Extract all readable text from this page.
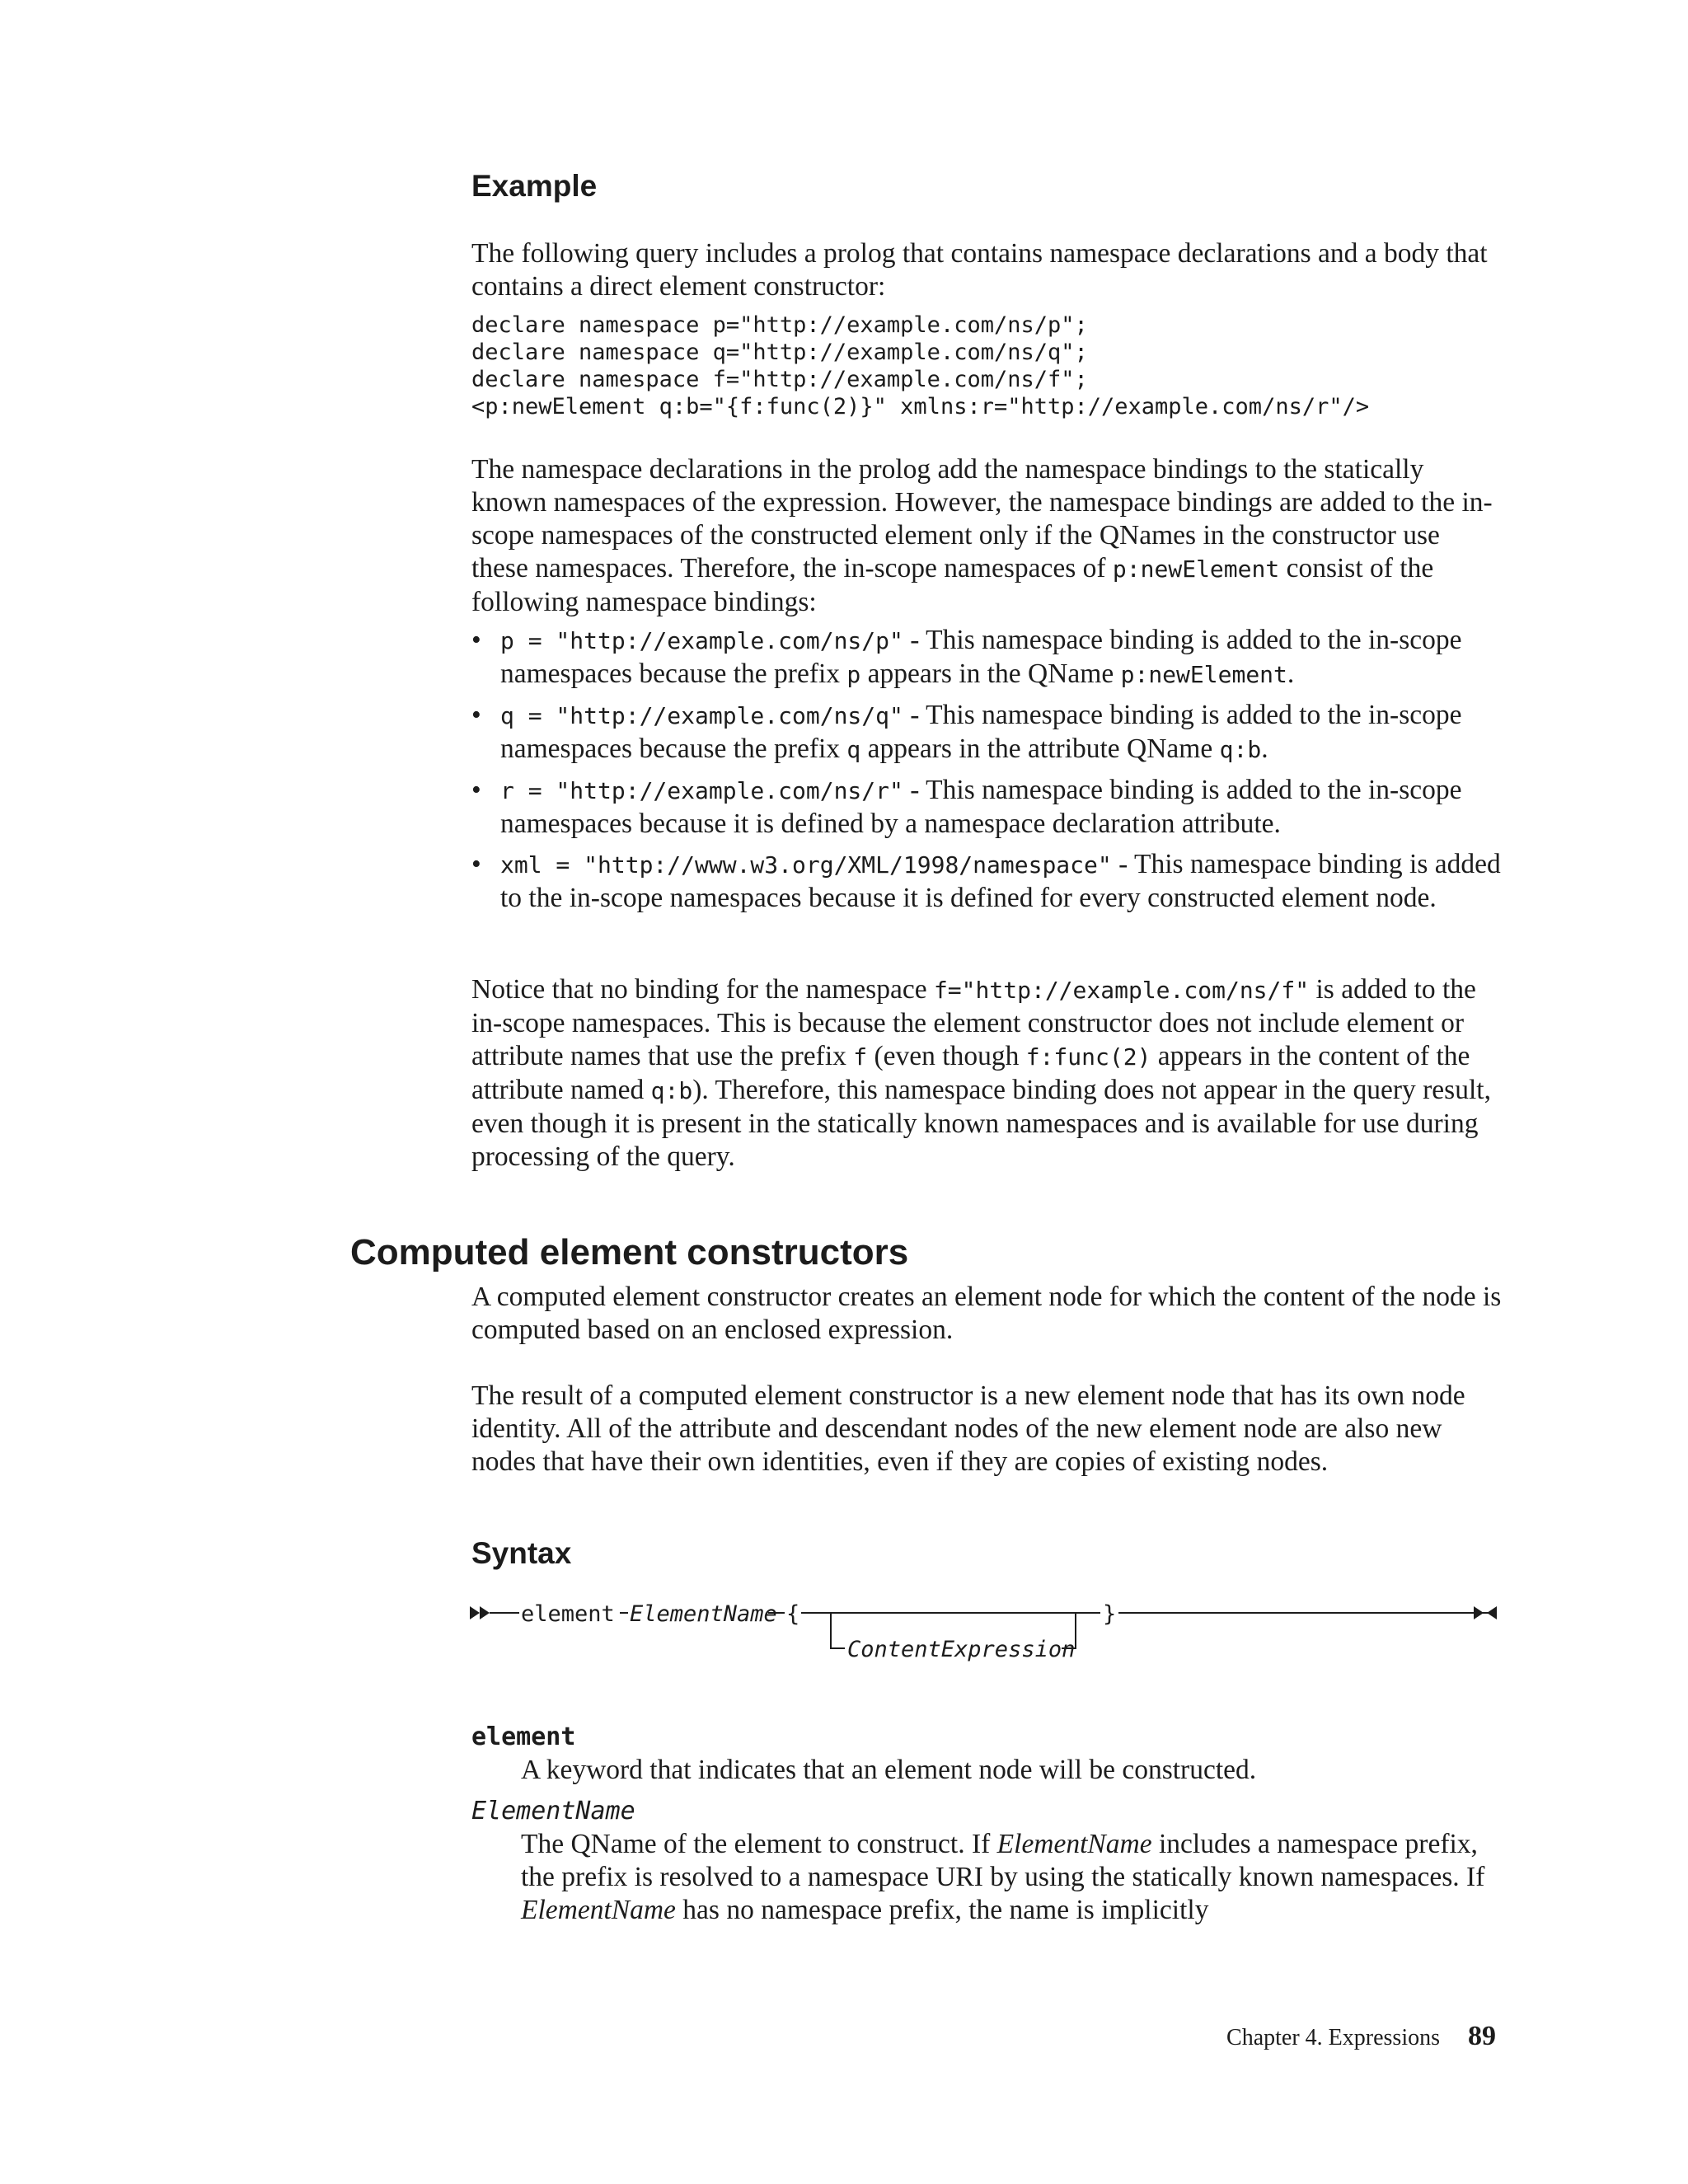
Example

The following query includes a prolog that contains namespace declarations and a body that contains a direct element constructor:

declare namespace p="http://example.com/ns/p";
declare namespace q="http://example.com/ns/q";
declare namespace f="http://example.com/ns/f";
<p:newElement q:b="{f:func(2)}" xmlns:r="http://example.com/ns/r"/>

The namespace declarations in the prolog add the namespace bindings to the statically known namespaces of the expression. However, the namespace bindings are added to the in-scope namespaces of the constructed element only if the QNames in the constructor use these namespaces. Therefore, the in-scope namespaces of p:newElement consist of the following namespace bindings:

• p = "http://example.com/ns/p" - This namespace binding is added to the in-scope namespaces because the prefix p appears in the QName p:newElement.
• q = "http://example.com/ns/q" - This namespace binding is added to the in-scope namespaces because the prefix q appears in the attribute QName q:b.
• r = "http://example.com/ns/r" - This namespace binding is added to the in-scope namespaces because it is defined by a namespace declaration attribute.
• xml = "http://www.w3.org/XML/1998/namespace" - This namespace binding is added to the in-scope namespaces because it is defined for every constructed element node.

Notice that no binding for the namespace f="http://example.com/ns/f" is added to the in-scope namespaces. This is because the element constructor does not include element or attribute names that use the prefix f (even though f:func(2) appears in the content of the attribute named q:b). Therefore, this namespace binding does not appear in the query result, even though it is present in the statically known namespaces and is available for use during processing of the query.

Computed element constructors

A computed element constructor creates an element node for which the content of the node is computed based on an enclosed expression.

The result of a computed element constructor is a new element node that has its own node identity. All of the attribute and descendant nodes of the new element node are also new nodes that have their own identities, even if they are copies of existing nodes.

Syntax
element ElementName {
ContentExpression
}
element
A keyword that indicates that an element node will be constructed.
ElementName
The QName of the element to construct. If ElementName includes a namespace prefix, the prefix is resolved to a namespace URI by using the statically known namespaces. If ElementName has no namespace prefix, the name is implicitly
Chapter 4. Expressions 89
